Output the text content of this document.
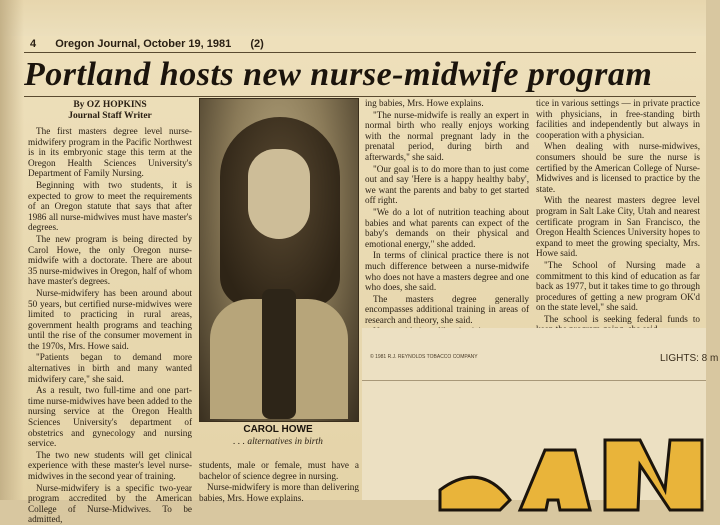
4 Oregon Journal, October 19, 1981 (2)
Portland hosts new nurse-midwife program
By OZ HOPKINS
Journal Staff Writer

The first masters degree level nurse-midwifery program in the Pacific Northwest is in its embryonic stage this term at the Oregon Health Sciences University's Department of Family Nursing.

Beginning with two students, it is expected to grow to meet the requirements of an Oregon statute that says that after 1986 all nurse-midwives must have master's degrees.

The new program is being directed by Carol Howe, the only Oregon nurse-midwife with a doctorate. There are about 35 nurse-midwives in Oregon, half of whom have master's degrees.

Nurse-midwifery has been around about 50 years, but certified nurse-midwives were limited to practicing in rural areas, government health programs and teaching until the rise of the consumer movement in the 1970s, Mrs. Howe said.

"Patients began to demand more alternatives in birth and many wanted midwifery care," she said.

As a result, two full-time and one part-time nurse-midwives have been added to the nursing service at the Oregon Health Sciences University's department of obstetrics and gynecology and nursing service.

The two new students will get clinical experience with these master's level nurse-midwives in the second year of training.

Nurse-midwifery is a specific two-year program accredited by the American College of Nurse-Midwives. To be admitted,

CAROL HOWE
. . . alternatives in birth

students, male or female, must have a bachelor of science degree in nursing.

Nurse-midwifery is more than delivering babies, Mrs. Howe explains.

ing babies, Mrs. Howe explains.

"The nurse-midwife is really an expert in normal birth who really enjoys working with the normal pregnant lady in the prenatal period, during birth and afterwards," she said.

"Our goal is to do more than to just come out and say 'Here is a happy healthy baby', we want the parents and baby to get started off right.

"We do a lot of nutrition teaching about babies and what parents can expect of the baby's demands on their physical and emotional energy," she added.

In terms of clinical practice there is not much difference between a nurse-midwife who does not have a masters degree and one who does, she said.

The masters degree generally encompasses additional training in areas of research and theory, she said.

tice in various settings — in private practice with physicians, in free-standing birth facilities and independently but always in cooperation with a physician.

When dealing with nurse-midwives, consumers should be sure the nurse is certified by the American College of Nurse-Midwives and is licensed to practice by the state.

With the nearest masters degree level program in Salt Lake City, Utah and nearest certificate program in San Francisco, the Oregon Health Sciences University hopes to expand to meet the growing specialty, Mrs. Howe said.

"The School of Nursing made a commitment to this kind of education as far back as 1977, but it takes time to go through procedures of getting a new program OK'd on the state level," she said.

The school is seeking federal funds to

© 1981 R.J. REYNOLDS TOBACCO COMPANY	LIGHTS: 8 m
